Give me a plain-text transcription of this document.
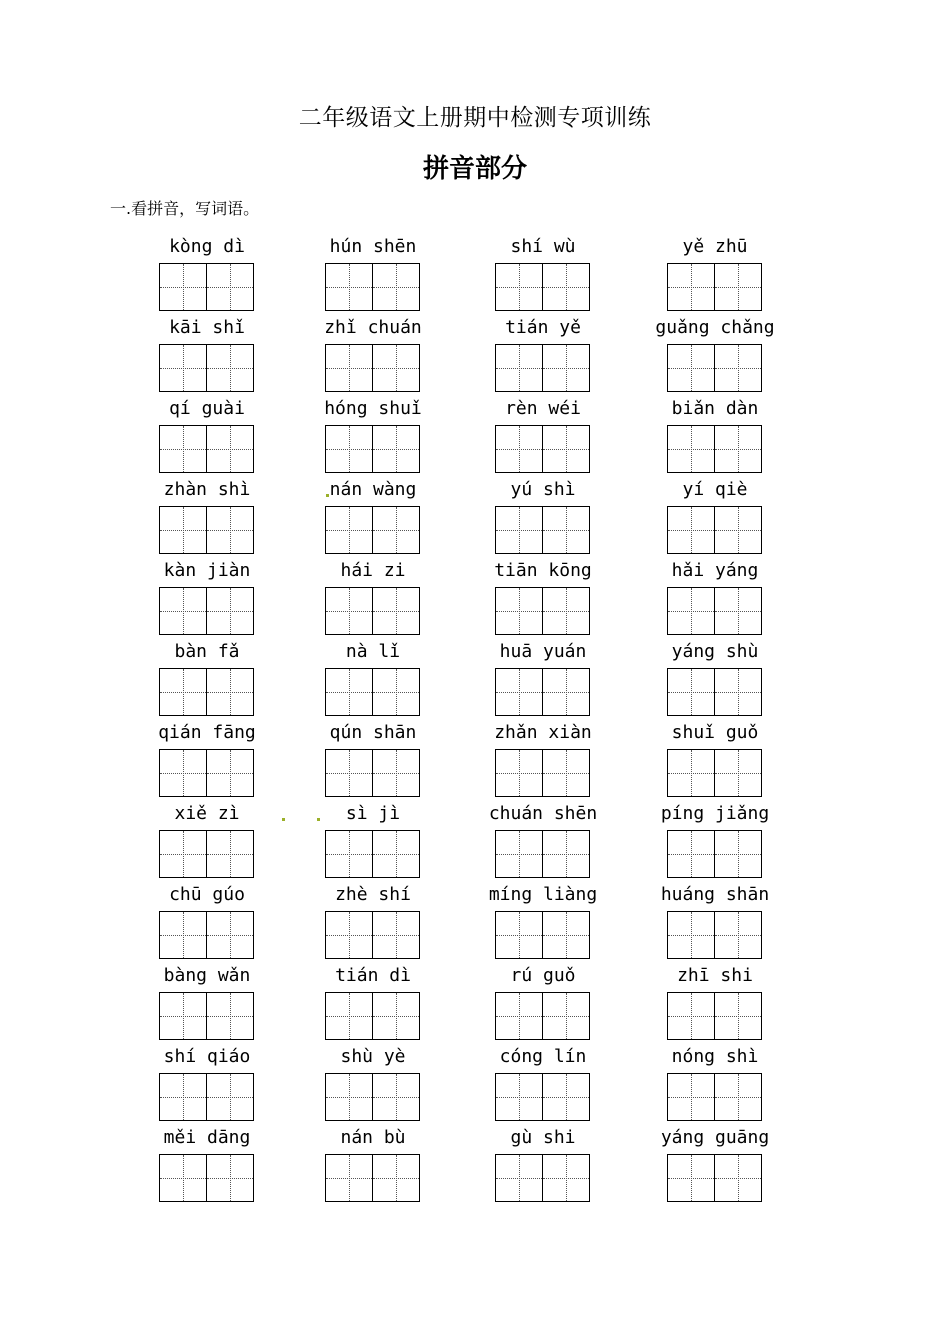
二年级语文上册期中检测专项训练
拼音部分
一.看拼音，写词语。
kòng dì	hún shēn	shí wù	yě zhū
kāi shǐ	zhǐ chuán	tián yě	guǎng chǎng
qí guài	hóng shuǐ	rèn wéi	biǎn dàn
zhàn shì	nán wàng	yú shì	yí qiè
kàn jiàn	hái zi	tiān kōng	hǎi yáng
bàn fǎ	nà lǐ	huā yuán	yáng shù
qián fāng	qún shān	zhǎn xiàn	shuǐ guǒ
xiě zì	sì jì	chuán shēn	píng jiǎng
chū gúo	zhè shí	míng liàng	huáng shān
bàng wǎn	tián dì	rú guǒ	zhī shi
shí qiáo	shù yè	cóng lín	nóng shì
měi dāng	nán bù	gù shi	yáng guāng
